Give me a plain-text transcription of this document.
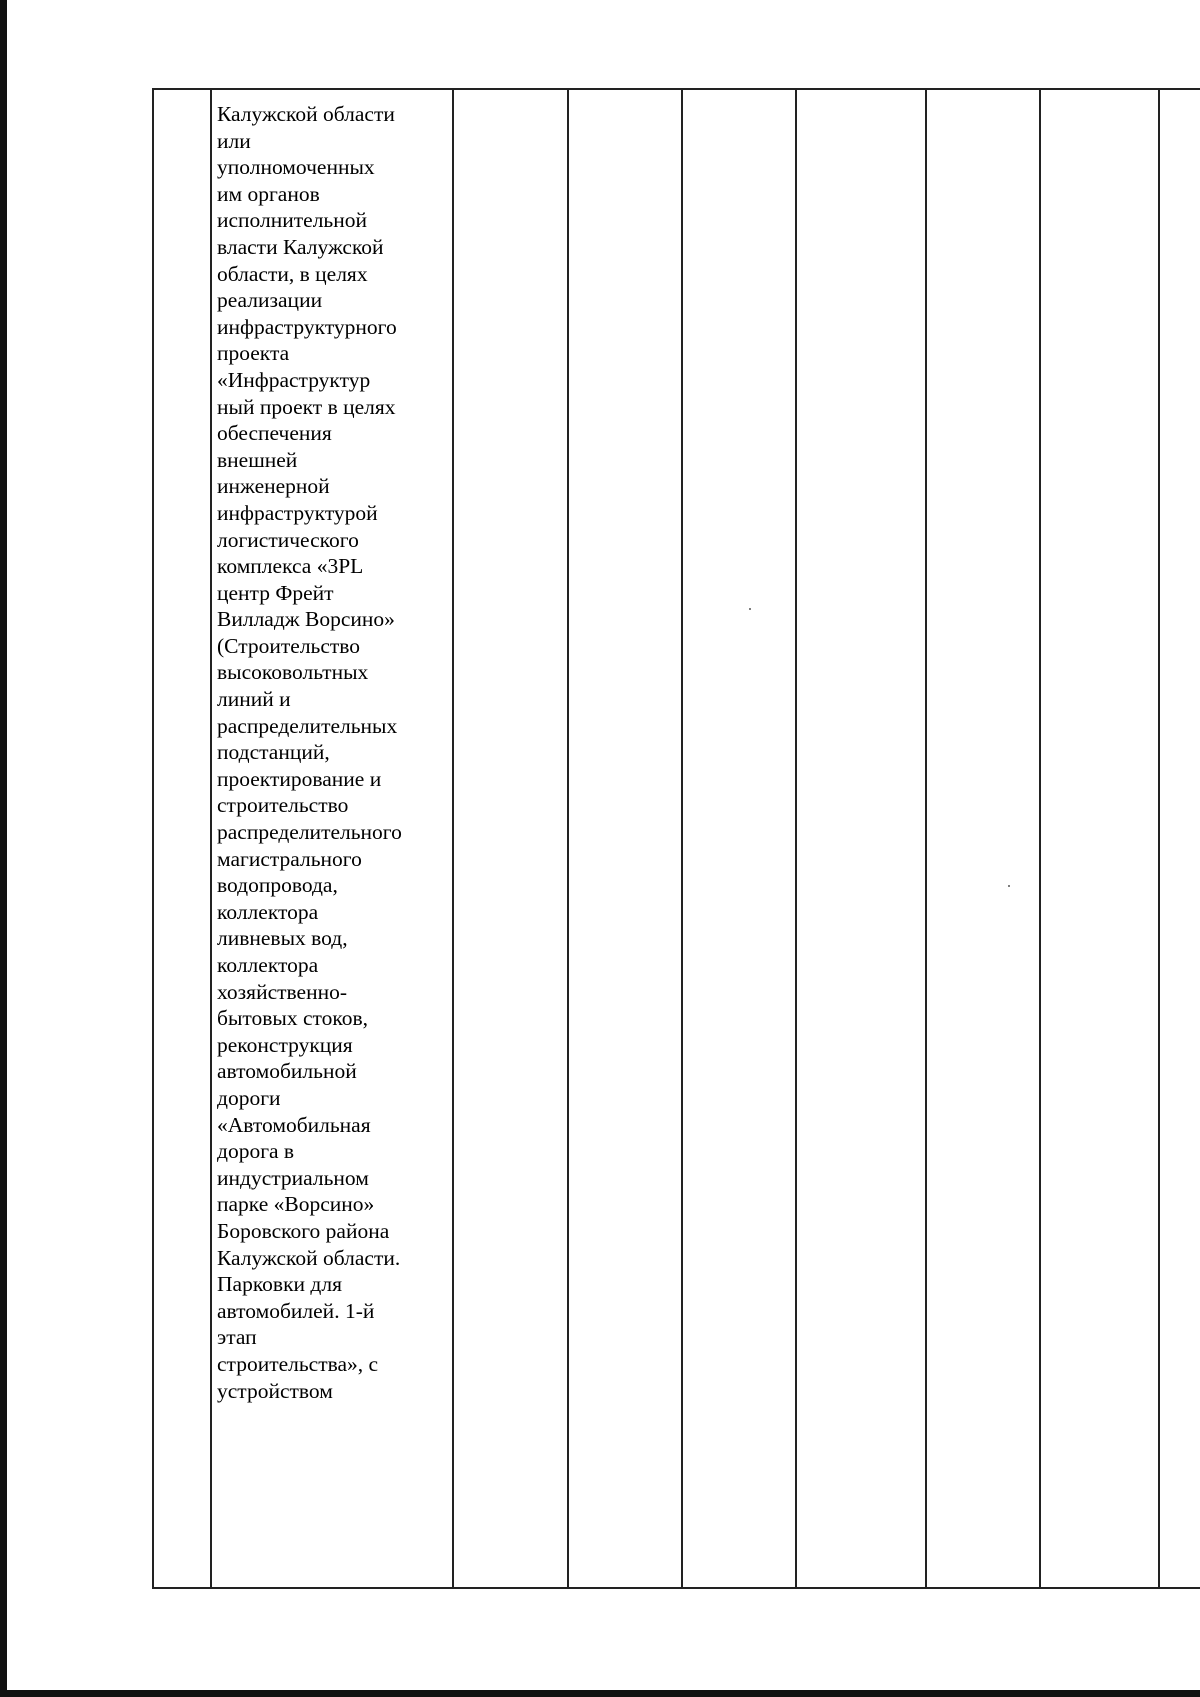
Калужской области
или
уполномоченных
им органов
исполнительной
власти Калужской
области, в целях
реализации
инфраструктурного
проекта
«Инфраструктур
ный проект в целях
обеспечения
внешней
инженерной
инфраструктурой
логистического
комплекса «3PL
центр Фрейт
Вилладж Ворсино»
(Строительство
высоковольтных
линий и
распределительных
подстанций,
проектирование и
строительство
распределительного
магистрального
водопровода,
коллектора
ливневых вод,
коллектора
хозяйственно-
бытовых стоков,
реконструкция
автомобильной
дороги
«Автомобильная
дорога в
индустриальном
парке «Ворсино»
Боровского района
Калужской области.
Парковки для
автомобилей. 1-й
этап
строительства», с
устройством
